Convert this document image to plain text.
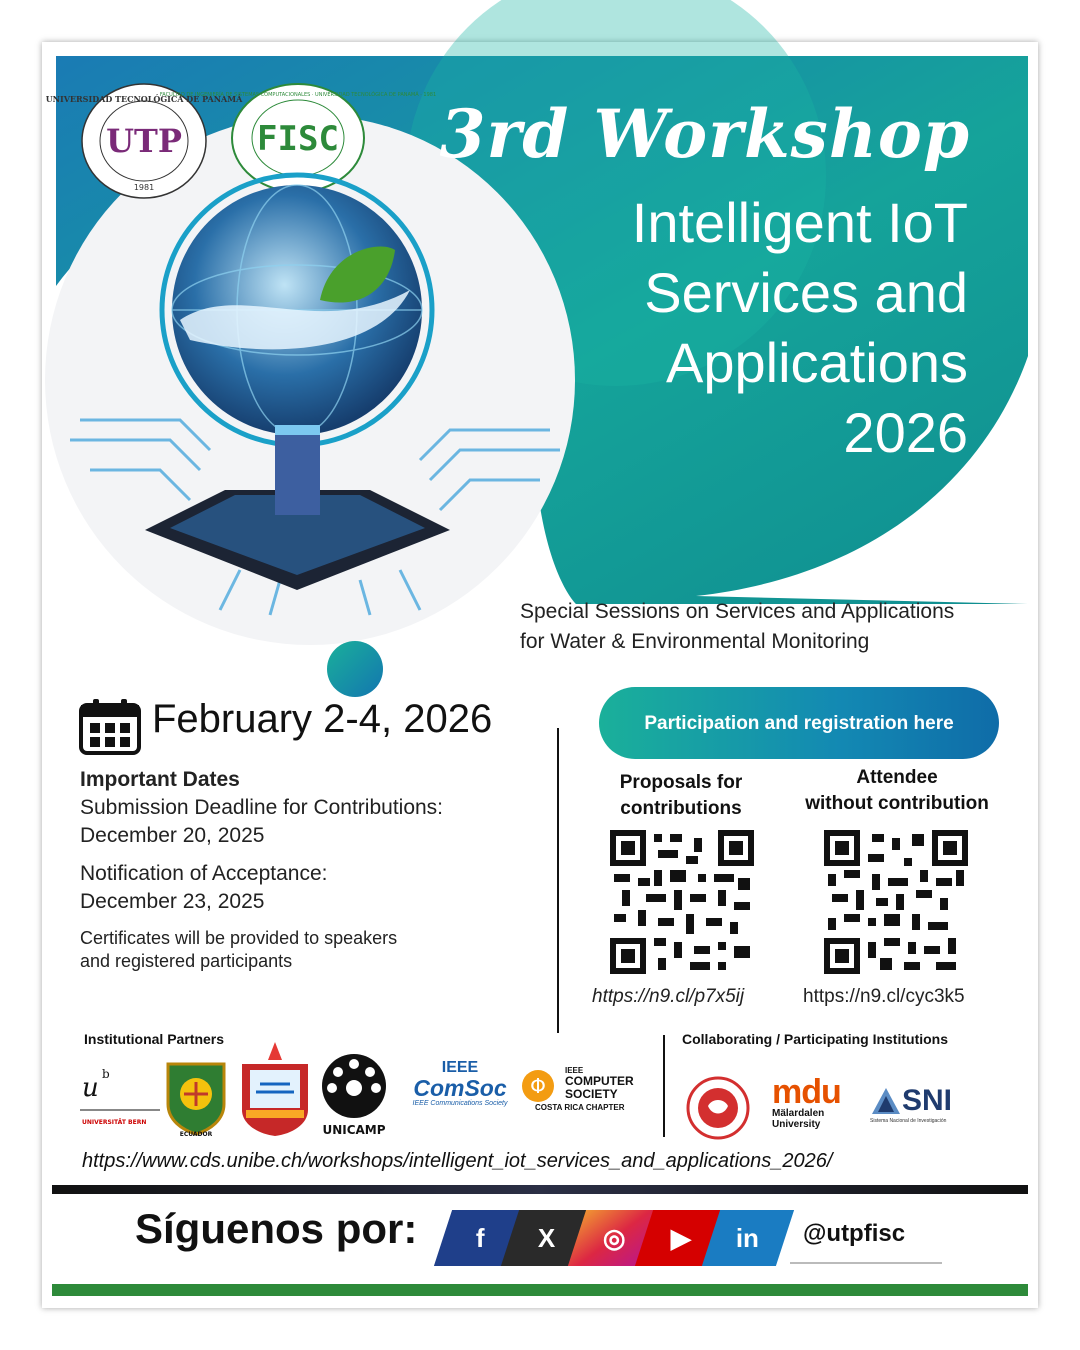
UNIVERSIDAD TECNOLÓGICA DE PANAMÁ
UTP
1981
FACULTAD DE INGENIERÍA DE SISTEMAS COMPUTACIONALES · UNIVERSIDAD TECNOLÓGICA DE PANAMÁ · 1981
FISC 3rd Workshop
Intelligent IoT
Services and
Applications
2026
Special Sessions on Services and Applications
for Water & Environmental Monitoring
February 2-4, 2026
Important Dates
Submission Deadline for Contributions:
December 20, 2025
Notification of Acceptance:
December 23, 2025
Certificates will be provided to speakers
and registered participants
Participation and registration here
Proposals for
contributions
Attendee
without contribution
https://n9.cl/p7x5ij	https://n9.cl/cyc3k5
Institutional Partners	Collaborating / Participating Institutions
u b
UNIVERSITÄT BERN
ECUADOR	UNICAMP
IEEE
ComSoc
IEEE Communications Society
Φ
IEEE
COMPUTER
SOCIETY
COSTA RICA CHAPTER	mdu
Mälardalen
University
SNI
Sistema Nacional de Investigación
https://www.cds.unibe.ch/workshops/intelligent_iot_services_and_applications_2026/
Síguenos por: f X ◎ ▶ in @utpfisc
